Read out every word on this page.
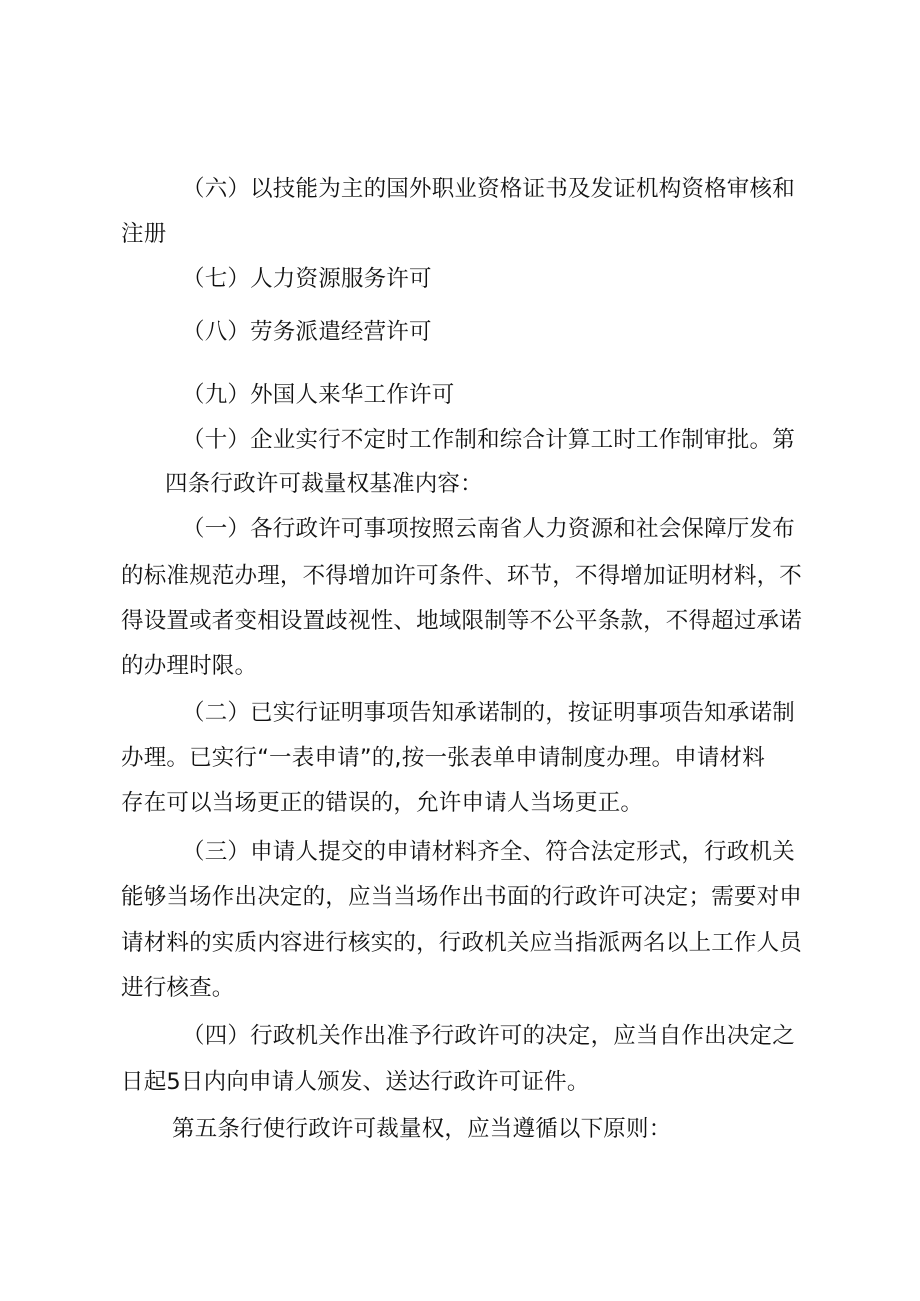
（六）以技能为主的国外职业资格证书及发证机构资格审核和
注册
（七）人力资源服务许可
（八）劳务派遣经营许可
（九）外国人来华工作许可
（十）企业实行不定时工作制和综合计算工时工作制审批。第
四条行政许可裁量权基准内容：
（一）各行政许可事项按照云南省人力资源和社会保障厅发布
的标准规范办理，不得增加许可条件、环节，不得增加证明材料，不
得设置或者变相设置歧视性、地域限制等不公平条款，不得超过承诺
的办理时限。
（二）已实行证明事项告知承诺制的，按证明事项告知承诺制
办理。已实行“一表申请”的,按一张表单申请制度办理。申请材料
存在可以当场更正的错误的，允许申请人当场更正。
（三）申请人提交的申请材料齐全、符合法定形式，行政机关
能够当场作出决定的，应当当场作出书面的行政许可决定；需要对申
请材料的实质内容进行核实的，行政机关应当指派两名以上工作人员
进行核查。
（四）行政机关作出准予行政许可的决定，应当自作出决定之
日起5日内向申请人颁发、送达行政许可证件。
第五条行使行政许可裁量权，应当遵循以下原则：
